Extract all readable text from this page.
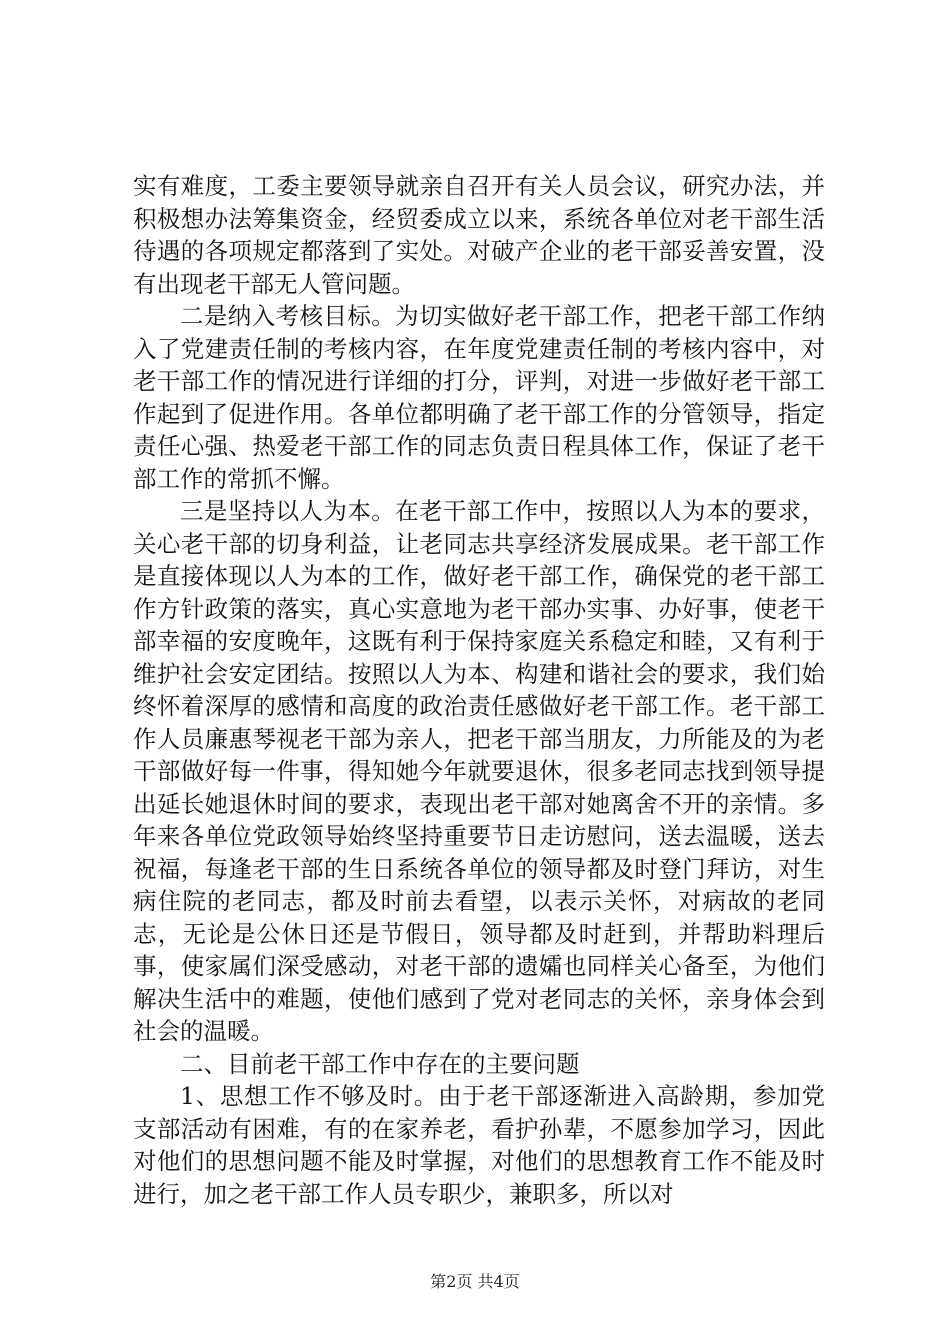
实有难度，工委主要领导就亲自召开有关人员会议，研究办法，并积极想办法筹集资金，经贸委成立以来，系统各单位对老干部生活待遇的各项规定都落到了实处。对破产企业的老干部妥善安置，没有出现老干部无人管问题。

二是纳入考核目标。为切实做好老干部工作，把老干部工作纳入了党建责任制的考核内容，在年度党建责任制的考核内容中，对老干部工作的情况进行详细的打分，评判，对进一步做好老干部工作起到了促进作用。各单位都明确了老干部工作的分管领导，指定责任心强、热爱老干部工作的同志负责日程具体工作，保证了老干部工作的常抓不懈。

三是坚持以人为本。在老干部工作中，按照以人为本的要求，关心老干部的切身利益，让老同志共享经济发展成果。老干部工作是直接体现以人为本的工作，做好老干部工作，确保党的老干部工作方针政策的落实，真心实意地为老干部办实事、办好事，使老干部幸福的安度晚年，这既有利于保持家庭关系稳定和睦，又有利于维护社会安定团结。按照以人为本、构建和谐社会的要求，我们始终怀着深厚的感情和高度的政治责任感做好老干部工作。老干部工作人员廉惠琴视老干部为亲人，把老干部当朋友，力所能及的为老干部做好每一件事，得知她今年就要退休，很多老同志找到领导提出延长她退休时间的要求，表现出老干部对她离舍不开的亲情。多年来各单位党政领导始终坚持重要节日走访慰问，送去温暖，送去祝福，每逢老干部的生日系统各单位的领导都及时登门拜访，对生病住院的老同志，都及时前去看望，以表示关怀，对病故的老同志，无论是公休日还是节假日，领导都及时赶到，并帮助料理后事，使家属们深受感动，对老干部的遗孀也同样关心备至，为他们解决生活中的难题，使他们感到了党对老同志的关怀，亲身体会到社会的温暖。

二、目前老干部工作中存在的主要问题

1、思想工作不够及时。由于老干部逐渐进入高龄期，参加党支部活动有困难，有的在家养老，看护孙辈，不愿参加学习，因此对他们的思想问题不能及时掌握，对他们的思想教育工作不能及时进行，加之老干部工作人员专职少，兼职多，所以对

第2页 共4页
